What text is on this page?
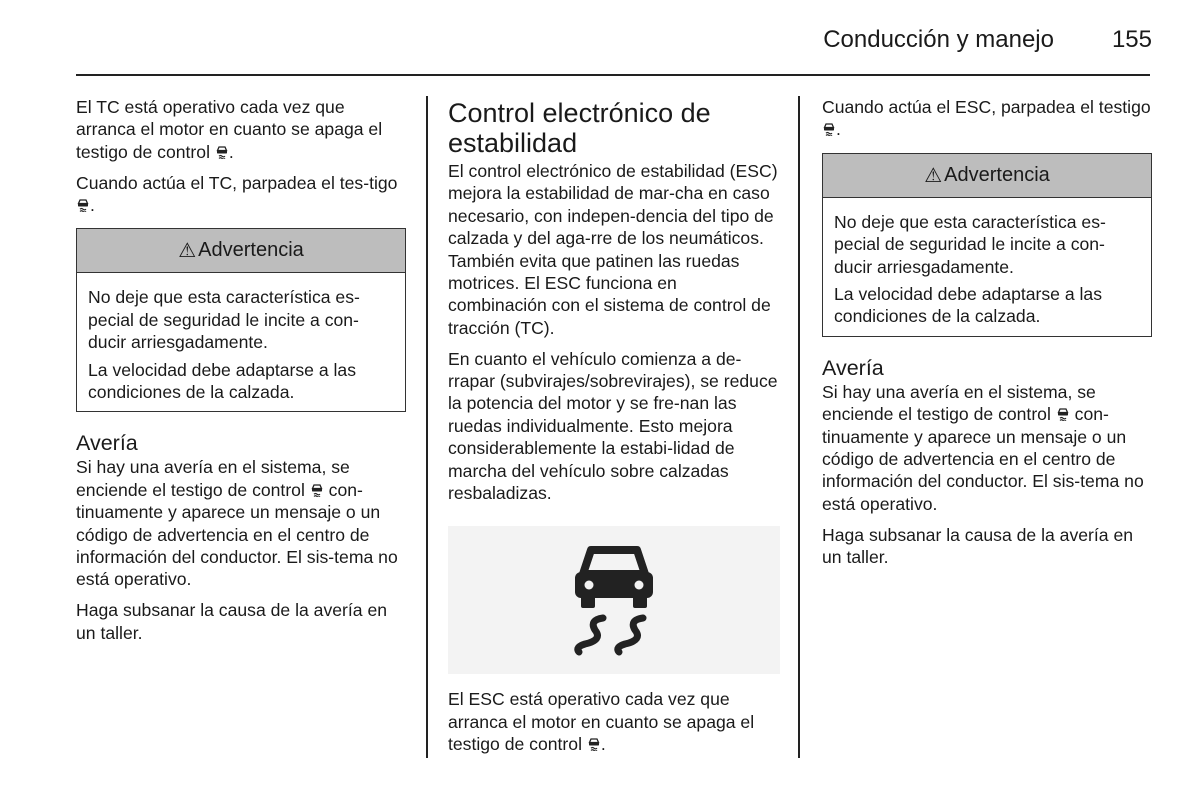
Conducción y manejo 155

El TC está operativo cada vez que arranca el motor en cuanto se apaga el testigo de control .

Cuando actúa el TC, parpadea el tes-tigo
.

⚠ Advertencia

No deje que esta característica es-pecial de seguridad le incite a con-ducir arriesgadamente.

La velocidad debe adaptarse a las condiciones de la calzada.

Avería

Si hay una avería en el sistema, se enciende el testigo de control con-tinuamente y aparece un mensaje o un código de advertencia en el centro de información del conductor. El sis-tema no está operativo.

Haga subsanar la causa de la avería en un taller.

Control electrónico de estabilidad

El control electrónico de estabilidad (ESC) mejora la estabilidad de mar-cha en caso necesario, con indepen-dencia del tipo de calzada y del aga-rre de los neumáticos. También evita que patinen las ruedas motrices. El ESC funciona en combinación con el sistema de control de tracción (TC).

En cuanto el vehículo comienza a de-rrapar (subvirajes/sobrevirajes), se reduce la potencia del motor y se fre-nan las ruedas individualmente. Esto mejora considerablemente la estabi-lidad de marcha del vehículo sobre calzadas resbaladizas.

El ESC está operativo cada vez que arranca el motor en cuanto se apaga el testigo de control .

Cuando actúa el ESC, parpadea el testigo
.

⚠ Advertencia

No deje que esta característica es-pecial de seguridad le incite a con-ducir arriesgadamente.

La velocidad debe adaptarse a las condiciones de la calzada.

Avería

Si hay una avería en el sistema, se enciende el testigo de control con-tinuamente y aparece un mensaje o un código de advertencia en el centro de información del conductor. El sis-tema no está operativo.

Haga subsanar la causa de la avería en un taller.
